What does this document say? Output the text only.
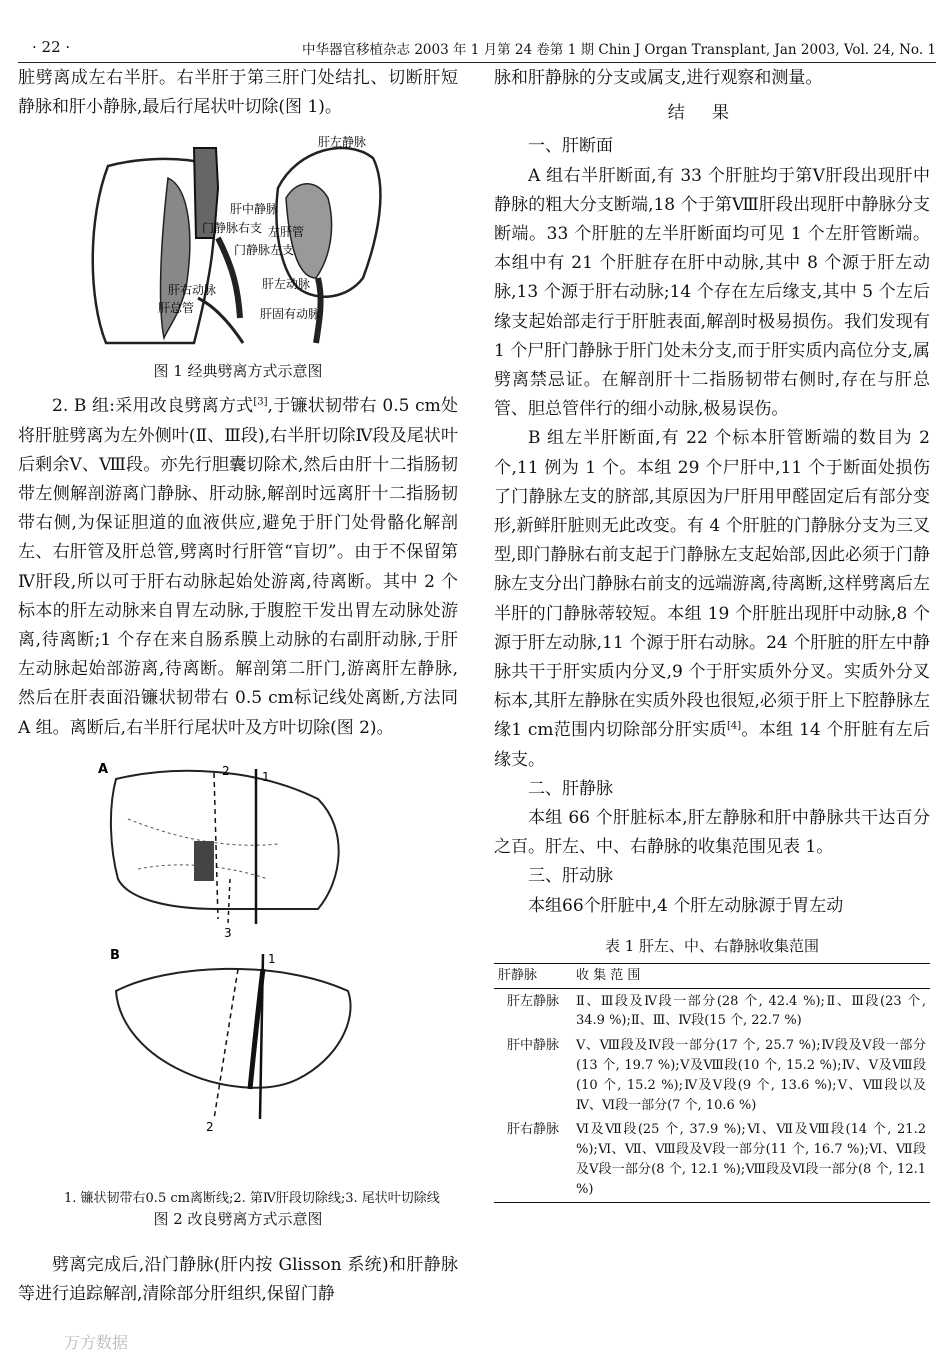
· 22 ·	中华器官移植杂志 2003 年 1 月第 24 卷第 1 期 Chin J Organ Transplant, Jan 2003, Vol. 24, No. 1

脏劈离成左右半肝。右半肝于第三肝门处结扎、切断肝短静脉和肝小静脉,最后行尾状叶切除(图 1)。

肝左静脉
肝中静脉
门静脉右支 左肝管
门静脉左支
肝右动脉	肝左动脉
肝总管	肝固有动脉
图 1 经典劈离方式示意图

2. B 组:采用改良劈离方式[3],于镰状韧带右 0.5 cm处将肝脏劈离为左外侧叶(Ⅱ、Ⅲ段),右半肝切除Ⅳ段及尾状叶后剩余Ⅴ、Ⅷ段。亦先行胆囊切除术,然后由肝十二指肠韧带左侧解剖游离门静脉、肝动脉,解剖时远离肝十二指肠韧带右侧,为保证胆道的血液供应,避免于肝门处骨骼化解剖左、右肝管及肝总管,劈离时行肝管“盲切”。由于不保留第Ⅳ肝段,所以可于肝右动脉起始处游离,待离断。其中 2 个标本的肝左动脉来自胃左动脉,于腹腔干发出胃左动脉处游离,待离断;1 个存在来自肠系膜上动脉的右副肝动脉,于肝左动脉起始部游离,待离断。解剖第二肝门,游离肝左静脉,然后在肝表面沿镰状韧带右 0.5 cm标记线处离断,方法同 A 组。离断后,右半肝行尾状叶及方叶切除(图 2)。

A	1
2
3
B	1
2

1. 镰状韧带右0.5 cm离断线;2. 第Ⅳ肝段切除线;3. 尾状叶切除线

图 2 改良劈离方式示意图

劈离完成后,沿门静脉(肝内按 Glisson 系统)和肝静脉等进行追踪解剖,清除部分肝组织,保留门静

脉和肝静脉的分支或属支,进行观察和测量。

结果

一、肝断面

A 组右半肝断面,有 33 个肝脏均于第Ⅴ肝段出现肝中静脉的粗大分支断端,18 个于第Ⅷ肝段出现肝中静脉分支断端。33 个肝脏的左半肝断面均可见 1 个左肝管断端。本组中有 21 个肝脏存在肝中动脉,其中 8 个源于肝左动脉,13 个源于肝右动脉;14 个存在左后缘支,其中 5 个左后缘支起始部走行于肝脏表面,解剖时极易损伤。我们发现有 1 个尸肝门静脉于肝门处未分支,而于肝实质内高位分支,属劈离禁忌证。在解剖肝十二指肠韧带右侧时,存在与肝总管、胆总管伴行的细小动脉,极易误伤。

B 组左半肝断面,有 22 个标本肝管断端的数目为 2 个,11 例为 1 个。本组 29 个尸肝中,11 个于断面处损伤了门静脉左支的脐部,其原因为尸肝用甲醛固定后有部分变形,新鲜肝脏则无此改变。有 4 个肝脏的门静脉分支为三叉型,即门静脉右前支起于门静脉左支起始部,因此必须于门静脉左支分出门静脉右前支的远端游离,待离断,这样劈离后左半肝的门静脉蒂较短。本组 19 个肝脏出现肝中动脉,8 个源于肝左动脉,11 个源于肝右动脉。24 个肝脏的肝左中静脉共干于肝实质内分叉,9 个于肝实质外分叉。实质外分叉标本,其肝左静脉在实质外段也很短,必须于肝上下腔静脉左缘1 cm范围内切除部分肝实质[4]。本组 14 个肝脏有左后缘支。

二、肝静脉

本组 66 个肝脏标本,肝左静脉和肝中静脉共干达百分之百。肝左、中、右静脉的收集范围见表 1。

三、肝动脉

本组66个肝脏中,4 个肝左动脉源于胃左动

表 1 肝左、中、右静脉收集范围
肝静脉	收 集 范 围
肝左静脉	Ⅱ、Ⅲ段及Ⅳ段一部分(28 个, 42.4 %);Ⅱ、Ⅲ段(23 个, 34.9 %);Ⅱ、Ⅲ、Ⅳ段(15 个, 22.7 %)
肝中静脉	Ⅴ、Ⅷ段及Ⅳ段一部分(17 个, 25.7 %);Ⅳ段及Ⅴ段一部分(13 个, 19.7 %);Ⅴ及Ⅷ段(10 个, 15.2 %);Ⅳ、Ⅴ及Ⅷ段(10 个, 15.2 %);Ⅳ及Ⅴ段(9 个, 13.6 %);Ⅴ、Ⅷ段以及Ⅳ、Ⅵ段一部分(7 个, 10.6 %)
肝右静脉	Ⅵ及Ⅶ段(25 个, 37.9 %);Ⅵ、Ⅶ及Ⅷ段(14 个, 21.2 %);Ⅵ、Ⅶ、Ⅷ段及Ⅴ段一部分(11 个, 16.7 %);Ⅵ、Ⅶ段及Ⅴ段一部分(8 个, 12.1 %);Ⅷ段及Ⅵ段一部分(8 个, 12.1 %)
万方数据
